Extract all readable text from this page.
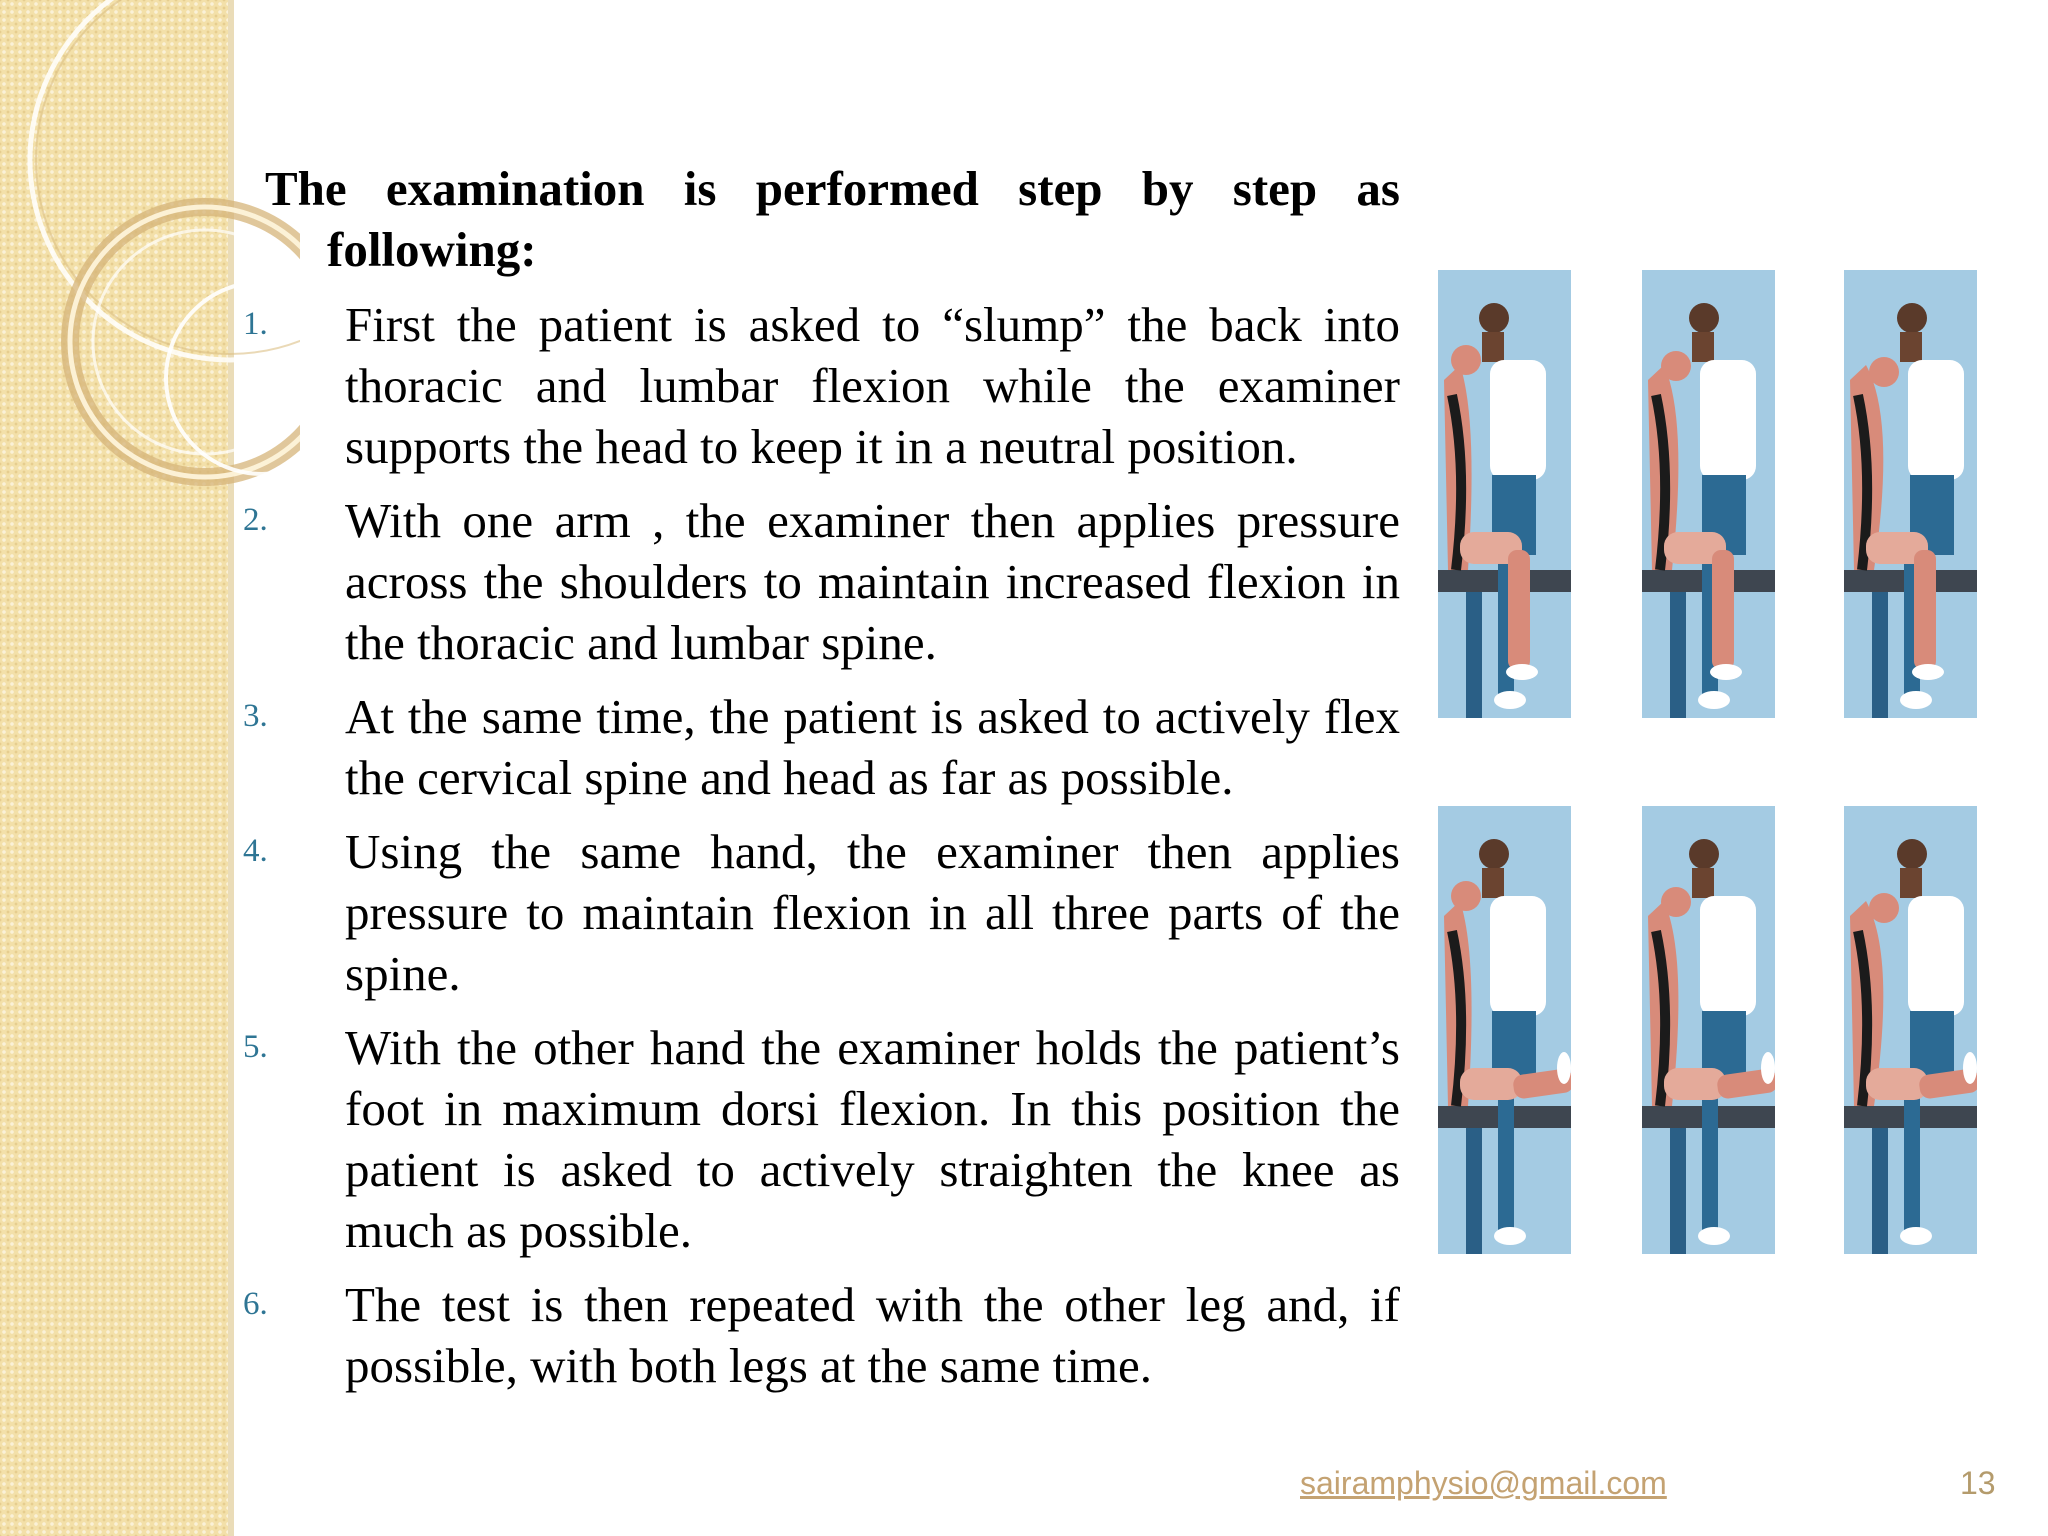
The examination is performed step by step as following:

1.	First the patient is asked to “slump” the back into thoracic and lumbar flexion while the examiner supports the head to keep it in a neutral position.
2.	With one arm , the examiner then applies pressure across the shoulders to maintain increased flexion in the thoracic and lumbar spine.
3.	At the same time, the patient is asked to actively flex the cervical spine and head as far as possible.
4.	Using the same hand, the examiner then applies pressure to maintain flexion in all three parts of the spine.
5.	With the other hand the examiner holds the patient’s foot in maximum dorsi flexion. In this position the patient is asked to actively straighten the knee as much as possible.
6.	The test is then repeated with the other leg and, if possible, with both legs at the same time.
sairamphysio@gmail.com	13
